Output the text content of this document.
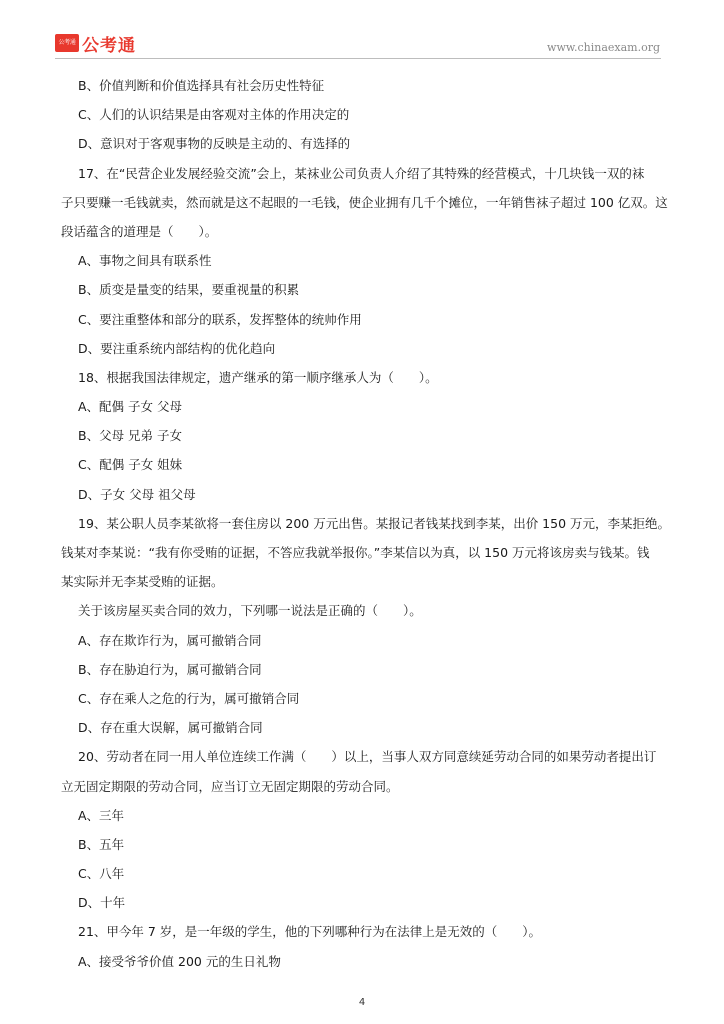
公考通 公考通	www.chinaexam.org
B、价值判断和价值选择具有社会历史性特征
C、人们的认识结果是由客观对主体的作用决定的
D、意识对于客观事物的反映是主动的、有选择的
17、在“民营企业发展经验交流”会上，某袜业公司负责人介绍了其特殊的经营模式，十几块钱一双的袜
子只要赚一毛钱就卖，然而就是这不起眼的一毛钱，使企业拥有几千个摊位，一年销售袜子超过 100 亿双。这
段话蕴含的道理是（　　）。
A、事物之间具有联系性
B、质变是量变的结果，要重视量的积累
C、要注重整体和部分的联系，发挥整体的统帅作用
D、要注重系统内部结构的优化趋向
18、根据我国法律规定，遗产继承的第一顺序继承人为（　　）。
A、配偶 子女 父母
B、父母 兄弟 子女
C、配偶 子女 姐妹
D、子女 父母 祖父母
19、某公职人员李某欲将一套住房以 200 万元出售。某报记者钱某找到李某，出价 150 万元，李某拒绝。
钱某对李某说：“我有你受贿的证据，不答应我就举报你。”李某信以为真，以 150 万元将该房卖与钱某。钱
某实际并无李某受贿的证据。
关于该房屋买卖合同的效力，下列哪一说法是正确的（　　）。
A、存在欺诈行为，属可撤销合同
B、存在胁迫行为，属可撤销合同
C、存在乘人之危的行为，属可撤销合同
D、存在重大误解，属可撤销合同
20、劳动者在同一用人单位连续工作满（　　）以上，当事人双方同意续延劳动合同的如果劳动者提出订
立无固定期限的劳动合同，应当订立无固定期限的劳动合同。
A、三年
B、五年
C、八年
D、十年
21、甲今年 7 岁，是一年级的学生，他的下列哪种行为在法律上是无效的（　　）。
A、接受爷爷价值 200 元的生日礼物
4
